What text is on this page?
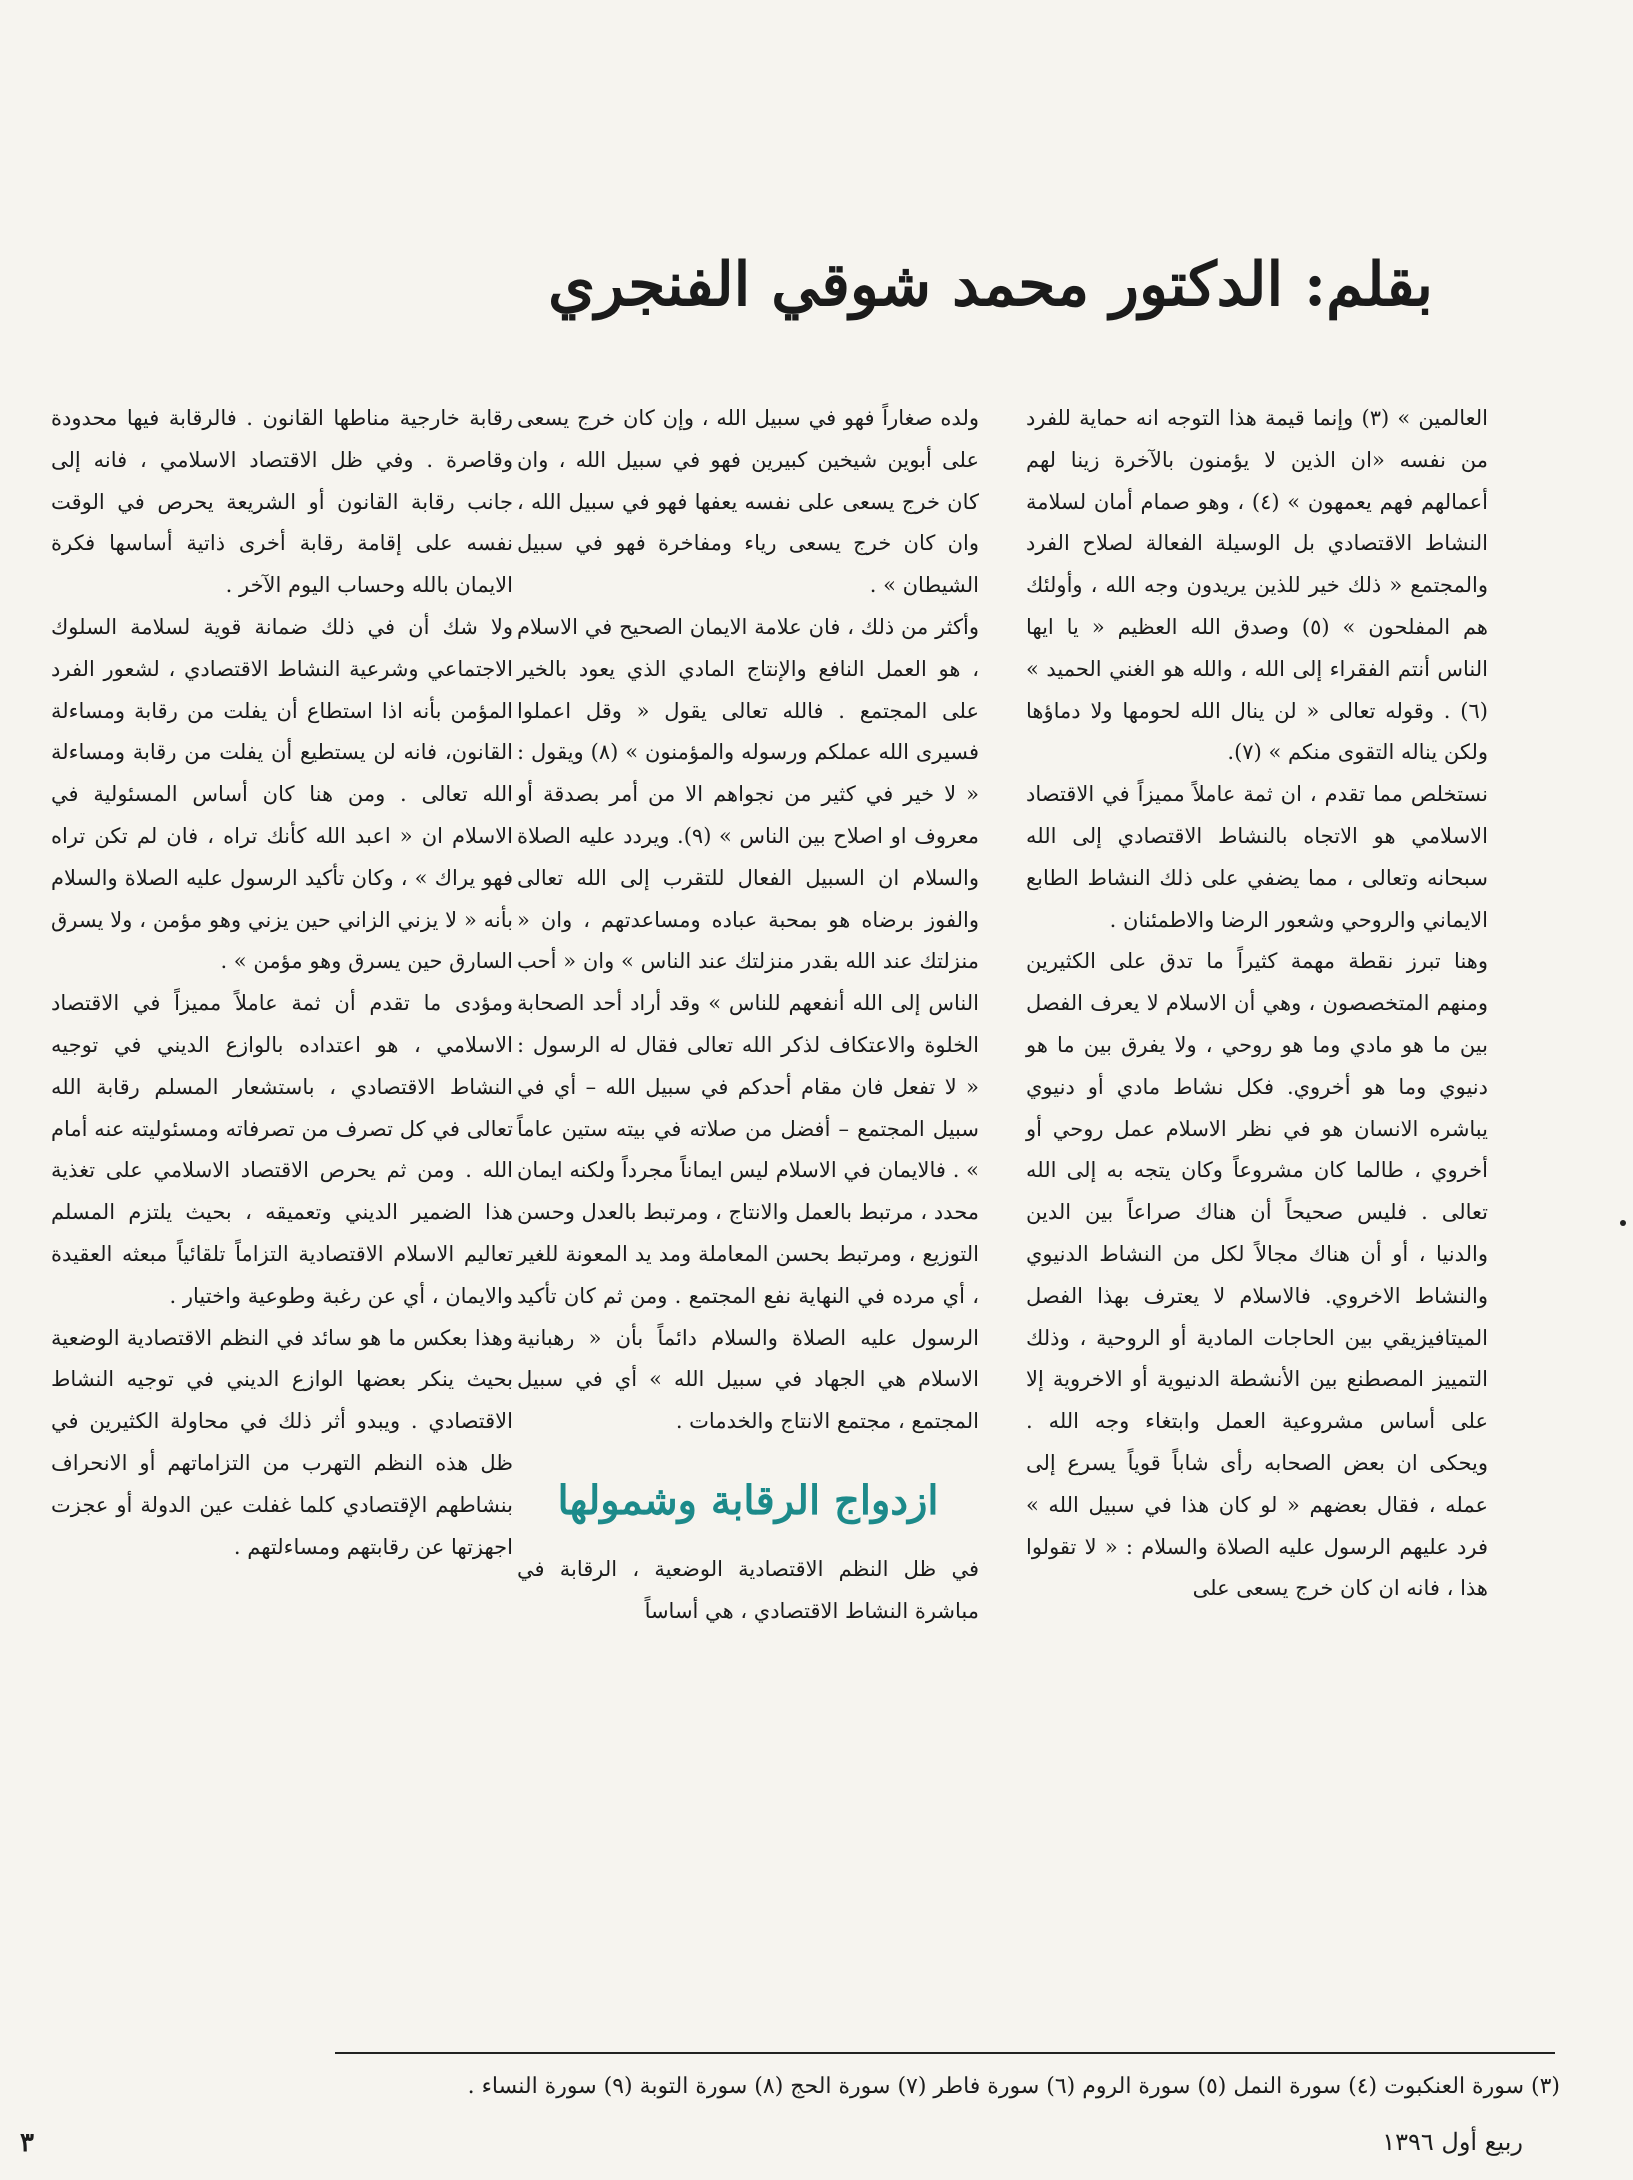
بقلم: الدكتور محمد شوقي الفنجري

العالمين » (٣) وإنما قيمة هذا التوجه انه حماية للفرد من نفسه «ان الذين لا يؤمنون بالآخرة زينا لهم أعمالهم فهم يعمهون » (٤) ، وهو صمام أمان لسلامة النشاط الاقتصادي بل الوسيلة الفعالة لصلاح الفرد والمجتمع « ذلك خير للذين يريدون وجه الله ، وأولئك هم المفلحون » (٥) وصدق الله العظيم « يا ايها الناس أنتم الفقراء إلى الله ، والله هو الغني الحميد » (٦) . وقوله تعالى « لن ينال الله لحومها ولا دماؤها ولكن يناله التقوى منكم » (٧).

نستخلص مما تقدم ، ان ثمة عاملاً مميزاً في الاقتصاد الاسلامي هو الاتجاه بالنشاط الاقتصادي إلى الله سبحانه وتعالى ، مما يضفي على ذلك النشاط الطابع الايماني والروحي وشعور الرضا والاطمئنان .

وهنا تبرز نقطة مهمة كثيراً ما تدق على الكثيرين ومنهم المتخصصون ، وهي أن الاسلام لا يعرف الفصل بين ما هو مادي وما هو روحي ، ولا يفرق بين ما هو دنيوي وما هو أخروي. فكل نشاط مادي أو دنيوي يباشره الانسان هو في نظر الاسلام عمل روحي أو أخروي ، طالما كان مشروعاً وكان يتجه به إلى الله تعالى . فليس صحيحاً أن هناك صراعاً بين الدين والدنيا ، أو أن هناك مجالاً لكل من النشاط الدنيوي والنشاط الاخروي. فالاسلام لا يعترف بهذا الفصل الميتافيزيقي بين الحاجات المادية أو الروحية ، وذلك التمييز المصطنع بين الأنشطة الدنيوية أو الاخروية إلا على أساس مشروعية العمل وابتغاء وجه الله . ويحكى ان بعض الصحابه رأى شاباً قوياً يسرع إلى عمله ، فقال بعضهم « لو كان هذا في سبيل الله » فرد عليهم الرسول عليه الصلاة والسلام : « لا تقولوا هذا ، فانه ان كان خرج يسعى على

ولده صغاراً فهو في سبيل الله ، وإن كان خرج يسعى على أبوين شيخين كبيرين فهو في سبيل الله ، وان كان خرج يسعى على نفسه يعفها فهو في سبيل الله ، وان كان خرج يسعى رياء ومفاخرة فهو في سبيل الشيطان » .

وأكثر من ذلك ، فان علامة الايمان الصحيح في الاسلام ، هو العمل النافع والإنتاج المادي الذي يعود بالخير على المجتمع . فالله تعالى يقول « وقل اعملوا فسيرى الله عملكم ورسوله والمؤمنون » (٨) ويقول : « لا خير في كثير من نجواهم الا من أمر بصدقة أو معروف او اصلاح بين الناس » (٩). ويردد عليه الصلاة والسلام ان السبيل الفعال للتقرب إلى الله تعالى والفوز برضاه هو بمحبة عباده ومساعدتهم ، وان « منزلتك عند الله بقدر منزلتك عند الناس » وان « أحب الناس إلى الله أنفعهم للناس » وقد أراد أحد الصحابة الخلوة والاعتكاف لذكر الله تعالى فقال له الرسول : « لا تفعل فان مقام أحدكم في سبيل الله – أي في سبيل المجتمع – أفضل من صلاته في بيته ستين عاماً » . فالايمان في الاسلام ليس ايماناً مجرداً ولكنه ايمان محدد ، مرتبط بالعمل والانتاج ، ومرتبط بالعدل وحسن التوزيع ، ومرتبط بحسن المعاملة ومد يد المعونة للغير ، أي مرده في النهاية نفع المجتمع . ومن ثم كان تأكيد الرسول عليه الصلاة والسلام دائماً بأن « رهبانية الاسلام هي الجهاد في سبيل الله » أي في سبيل المجتمع ، مجتمع الانتاج والخدمات .

ازدواج الرقابة وشمولها

في ظل النظم الاقتصادية الوضعية ، الرقابة في مباشرة النشاط الاقتصادي ، هي أساساً

رقابة خارجية مناطها القانون . فالرقابة فيها محدودة وقاصرة . وفي ظل الاقتصاد الاسلامي ، فانه إلى جانب رقابة القانون أو الشريعة يحرص في الوقت نفسه على إقامة رقابة أخرى ذاتية أساسها فكرة الايمان بالله وحساب اليوم الآخر .

ولا شك أن في ذلك ضمانة قوية لسلامة السلوك الاجتماعي وشرعية النشاط الاقتصادي ، لشعور الفرد المؤمن بأنه اذا استطاع أن يفلت من رقابة ومساءلة القانون، فانه لن يستطيع أن يفلت من رقابة ومساءلة الله تعالى . ومن هنا كان أساس المسئولية في الاسلام ان « اعبد الله كأنك تراه ، فان لم تكن تراه فهو يراك » ، وكان تأكيد الرسول عليه الصلاة والسلام بأنه « لا يزني الزاني حين يزني وهو مؤمن ، ولا يسرق السارق حين يسرق وهو مؤمن » .

ومؤدى ما تقدم أن ثمة عاملاً مميزاً في الاقتصاد الاسلامي ، هو اعتداده بالوازع الديني في توجيه النشاط الاقتصادي ، باستشعار المسلم رقابة الله تعالى في كل تصرف من تصرفاته ومسئوليته عنه أمام الله . ومن ثم يحرص الاقتصاد الاسلامي على تغذية هذا الضمير الديني وتعميقه ، بحيث يلتزم المسلم تعاليم الاسلام الاقتصادية التزاماً تلقائياً مبعثه العقيدة والايمان ، أي عن رغبة وطوعية واختيار .

وهذا بعكس ما هو سائد في النظم الاقتصادية الوضعية بحيث ينكر بعضها الوازع الديني في توجيه النشاط الاقتصادي . ويبدو أثر ذلك في محاولة الكثيرين في ظل هذه النظم التهرب من التزاماتهم أو الانحراف بنشاطهم الإقتصادي كلما غفلت عين الدولة أو عجزت اجهزتها عن رقابتهم ومساءلتهم .

(٣) سورة العنكبوت (٤) سورة النمل (٥) سورة الروم (٦) سورة فاطر (٧) سورة الحج (٨) سورة التوبة (٩) سورة النساء .
ربيع أول ١٣٩٦
٣
